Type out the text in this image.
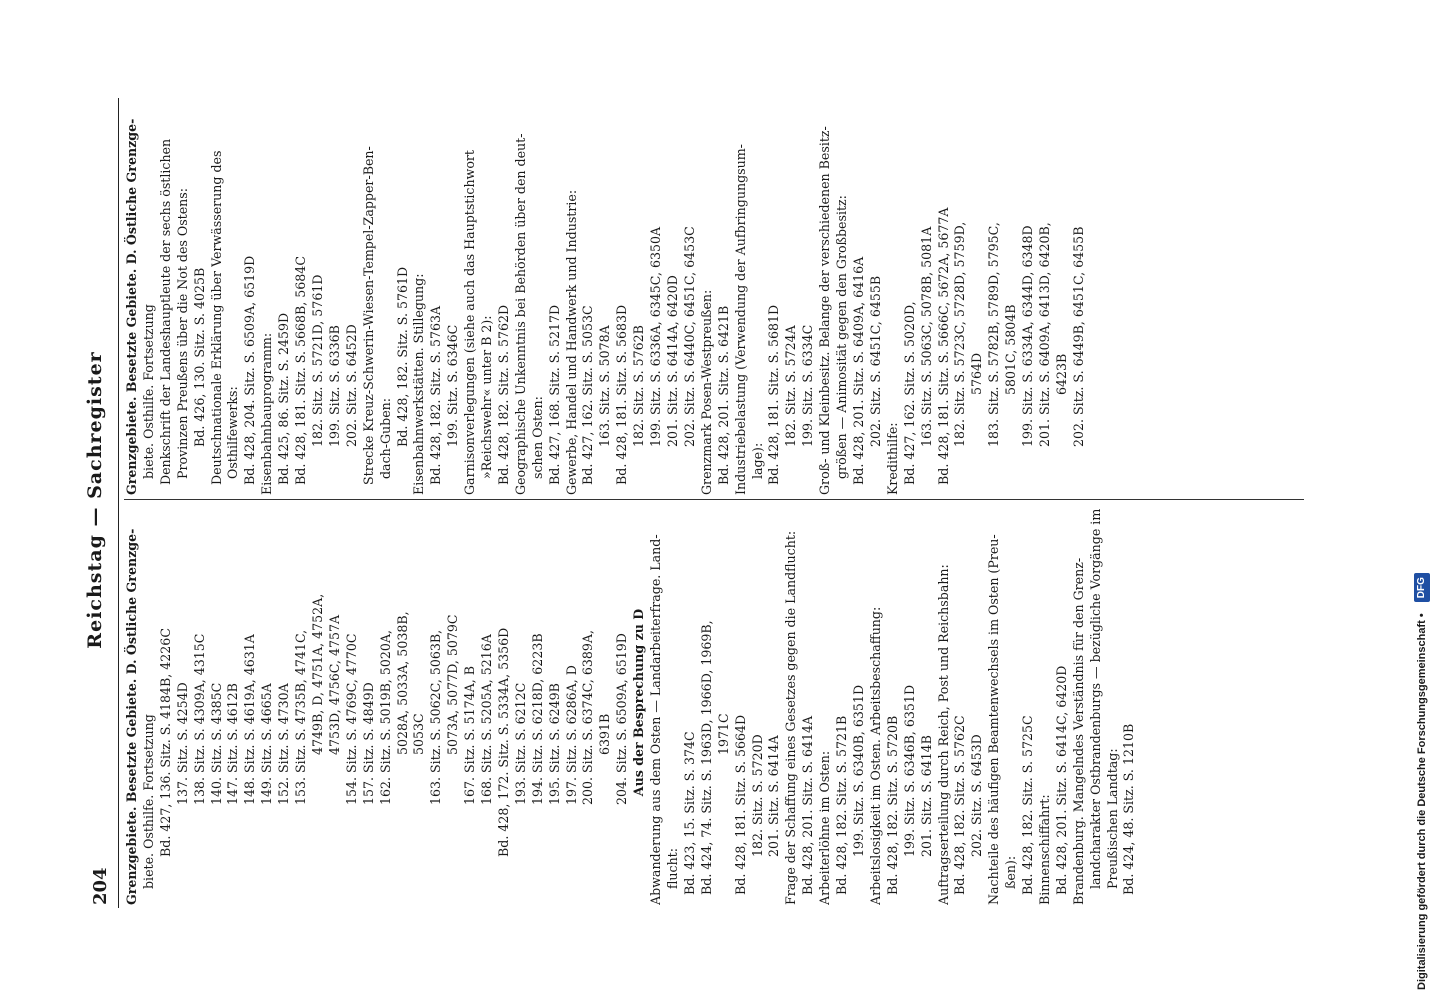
204
Reichstag — Sachregister
Grenzgebiete. Besetzte Gebiete. D. Östliche Grenzge- biete. Osthilfe. Fortsetzung Bd. 427, 136. Sitz. S. 4184B, 4226C 137. Sitz. S. 4254D 138. Sitz. S. 4309A, 4315C 140. Sitz. S. 4385C 147. Sitz. S. 4612B 148. Sitz. S. 4619A, 4631A 149. Sitz. S. 4665A 152. Sitz. S. 4730A 153. Sitz. S. 4735B, 4741C, 4749B, D, 4751A, 4752A, 4753D, 4756C, 4757A 154. Sitz. S. 4769C, 4770C 157. Sitz. S. 4849D 162. Sitz. S. 5019B, 5020A, 5028A, 5033A, 5038B, 5053C 163. Sitz. S. 5062C, 5063B, 5073A, 5077D, 5079C 167. Sitz. S. 5174A, B 168. Sitz. S. 5205A, 5216A Bd. 428, 172. Sitz. S. 5334A, 5356D 193. Sitz. S. 6212C 194. Sitz. S. 6218D, 6223B 195. Sitz. S. 6249B 197. Sitz. S. 6286A, D 200. Sitz. S. 6374C, 6389A, 6391B 204. Sitz. S. 6509A, 6519D Aus der Besprechung zu D Abwanderung aus dem Osten — Landarbeiterfrage. Land- flucht: Bd. 423, 15. Sitz. S. 374C Bd. 424, 74. Sitz. S. 1963D, 1966D, 1969B, 1971C Bd. 428, 181. Sitz. S. 5664D 182. Sitz. S. 5720D 201. Sitz. S. 6414A Frage der Schaffung eines Gesetzes gegen die Landflucht: Bd. 428, 201. Sitz. S. 6414A Arbeiterlöhne im Osten: Bd. 428, 182. Sitz. S. 5721B 199. Sitz. S. 6340B, 6351D Arbeitslosigkeit im Osten. Arbeitsbeschaffung: Bd. 428, 182. Sitz. S. 5720B 199. Sitz. S. 6346B, 6351D 201. Sitz. S. 6414B Auftragserteilung durch Reich, Post und Reichsbahn: Bd. 428, 182. Sitz. S. 5762C 202. Sitz. S. 6453D Nachteile des häufigen Beamtenwechsels im Osten (Preu- ßen): Bd. 428, 182. Sitz. S. 5725C Binnenschiffahrt: Bd. 428, 201. Sitz. S. 6414C, 6420D Brandenburg. Mangelndes Verständnis für den Grenz- landcharakter Ostbrandenburgs — bezügliche Vorgänge im Preußischen Landtag: Bd. 424, 48. Sitz. S. 1210B
Grenzgebiete. Besetzte Gebiete. D. Östliche Grenzge- biete. Osthilfe. Fortsetzung Denkschrift der Landeshauptleute der sechs östlichen Provinzen Preußens über die Not des Ostens: Bd. 426, 130. Sitz. S. 4025B Deutschnationale Erklärung über Verwässerung des Osthilfewerks: Bd. 428, 204. Sitz. S. 6509A, 6519D Eisenbahnbauprogramm: Bd. 425, 86. Sitz. S. 2459D Bd. 428, 181. Sitz. S. 5668B, 5684C 182. Sitz. S. 5721D, 5761D 199. Sitz. S. 6336B 202. Sitz. S. 6452D Strecke Kreuz-Schwerin-Wiesen-Tempel-Zapper-Ben- dach-Guben: Bd. 428, 182. Sitz. S. 5761D Eisenbahnwerkstätten. Stillegung: Bd. 428, 182. Sitz. S. 5763A 199. Sitz. S. 6346C Garnisonverlegungen (siehe auch das Hauptstichwort »Reichswehr« unter B 2): Bd. 428, 182. Sitz. S. 5762D Geographische Unkenntnis bei Behörden über den deut- schen Osten: Bd. 427, 168. Sitz. S. 5217D Gewerbe, Handel und Handwerk und Industrie: Bd. 427, 162. Sitz. S. 5053C 163. Sitz. S. 5078A Bd. 428, 181. Sitz. S. 5683D 182. Sitz. S. 5762B 199. Sitz. S. 6336A, 6345C, 6350A 201. Sitz. S. 6414A, 6420D 202. Sitz. S. 6440C, 6451C, 6453C Grenzmark Posen-Westpreußen: Bd. 428, 201. Sitz. S. 6421B Industriebelastung (Verwendung der Aufbringungsum- lage): Bd. 428, 181. Sitz. S. 5681D 182. Sitz. S. 5724A 199. Sitz. S. 6334C Groß- und Kleinbesitz. Belange der verschiedenen Besitz- größen — Animosität gegen den Großbesitz: Bd. 428, 201. Sitz. S. 6409A, 6416A 202. Sitz. S. 6451C, 6455B
Kredithilfe: Bd. 427, 162. Sitz. S. 5020D, 163. Sitz. S. 5063C, 5078B, 5081A Bd. 428, 181. Sitz. S. 5666C, 5672A, 5677A 182. Sitz. S. 5723C, 5728D, 5759D, 5764D 183. Sitz. S. 5782B, 5789D, 5795C, 5801C, 5804B 199. Sitz. S. 6334A, 6344D, 6348D 201. Sitz. S. 6409A, 6413D, 6420B, 6423B 202. Sitz. S. 6449B, 6451C, 6455B
Digitalisierung gefördert durch die Deutsche Forschungsgemeinschaft • DFG
